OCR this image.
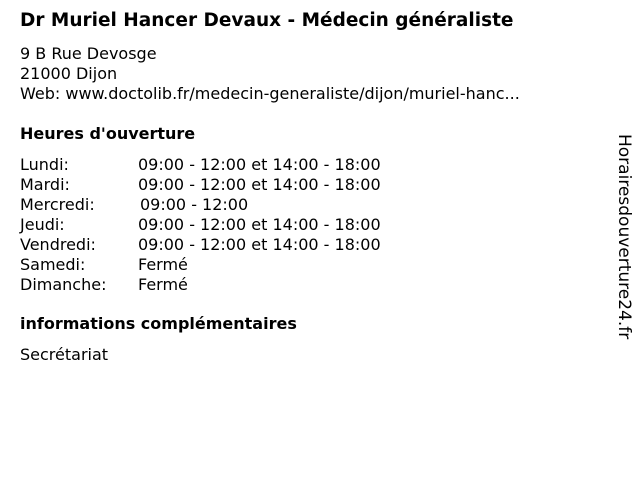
Dr Muriel Hancer Devaux - Médecin généraliste
9 B Rue Devosge
21000 Dijon
Web: www.doctolib.fr/medecin-generaliste/dijon/muriel-hanc...
Heures d'ouverture
Lundi:	09:00 - 12:00 et 14:00 - 18:00
Mardi:	09:00 - 12:00 et 14:00 - 18:00
Mercredi:	09:00 - 12:00
Jeudi:	09:00 - 12:00 et 14:00 - 18:00
Vendredi:	09:00 - 12:00 et 14:00 - 18:00
Samedi:	Fermé
Dimanche: Fermé
informations complémentaires
Secrétariat
Horairesdouverture24.fr
